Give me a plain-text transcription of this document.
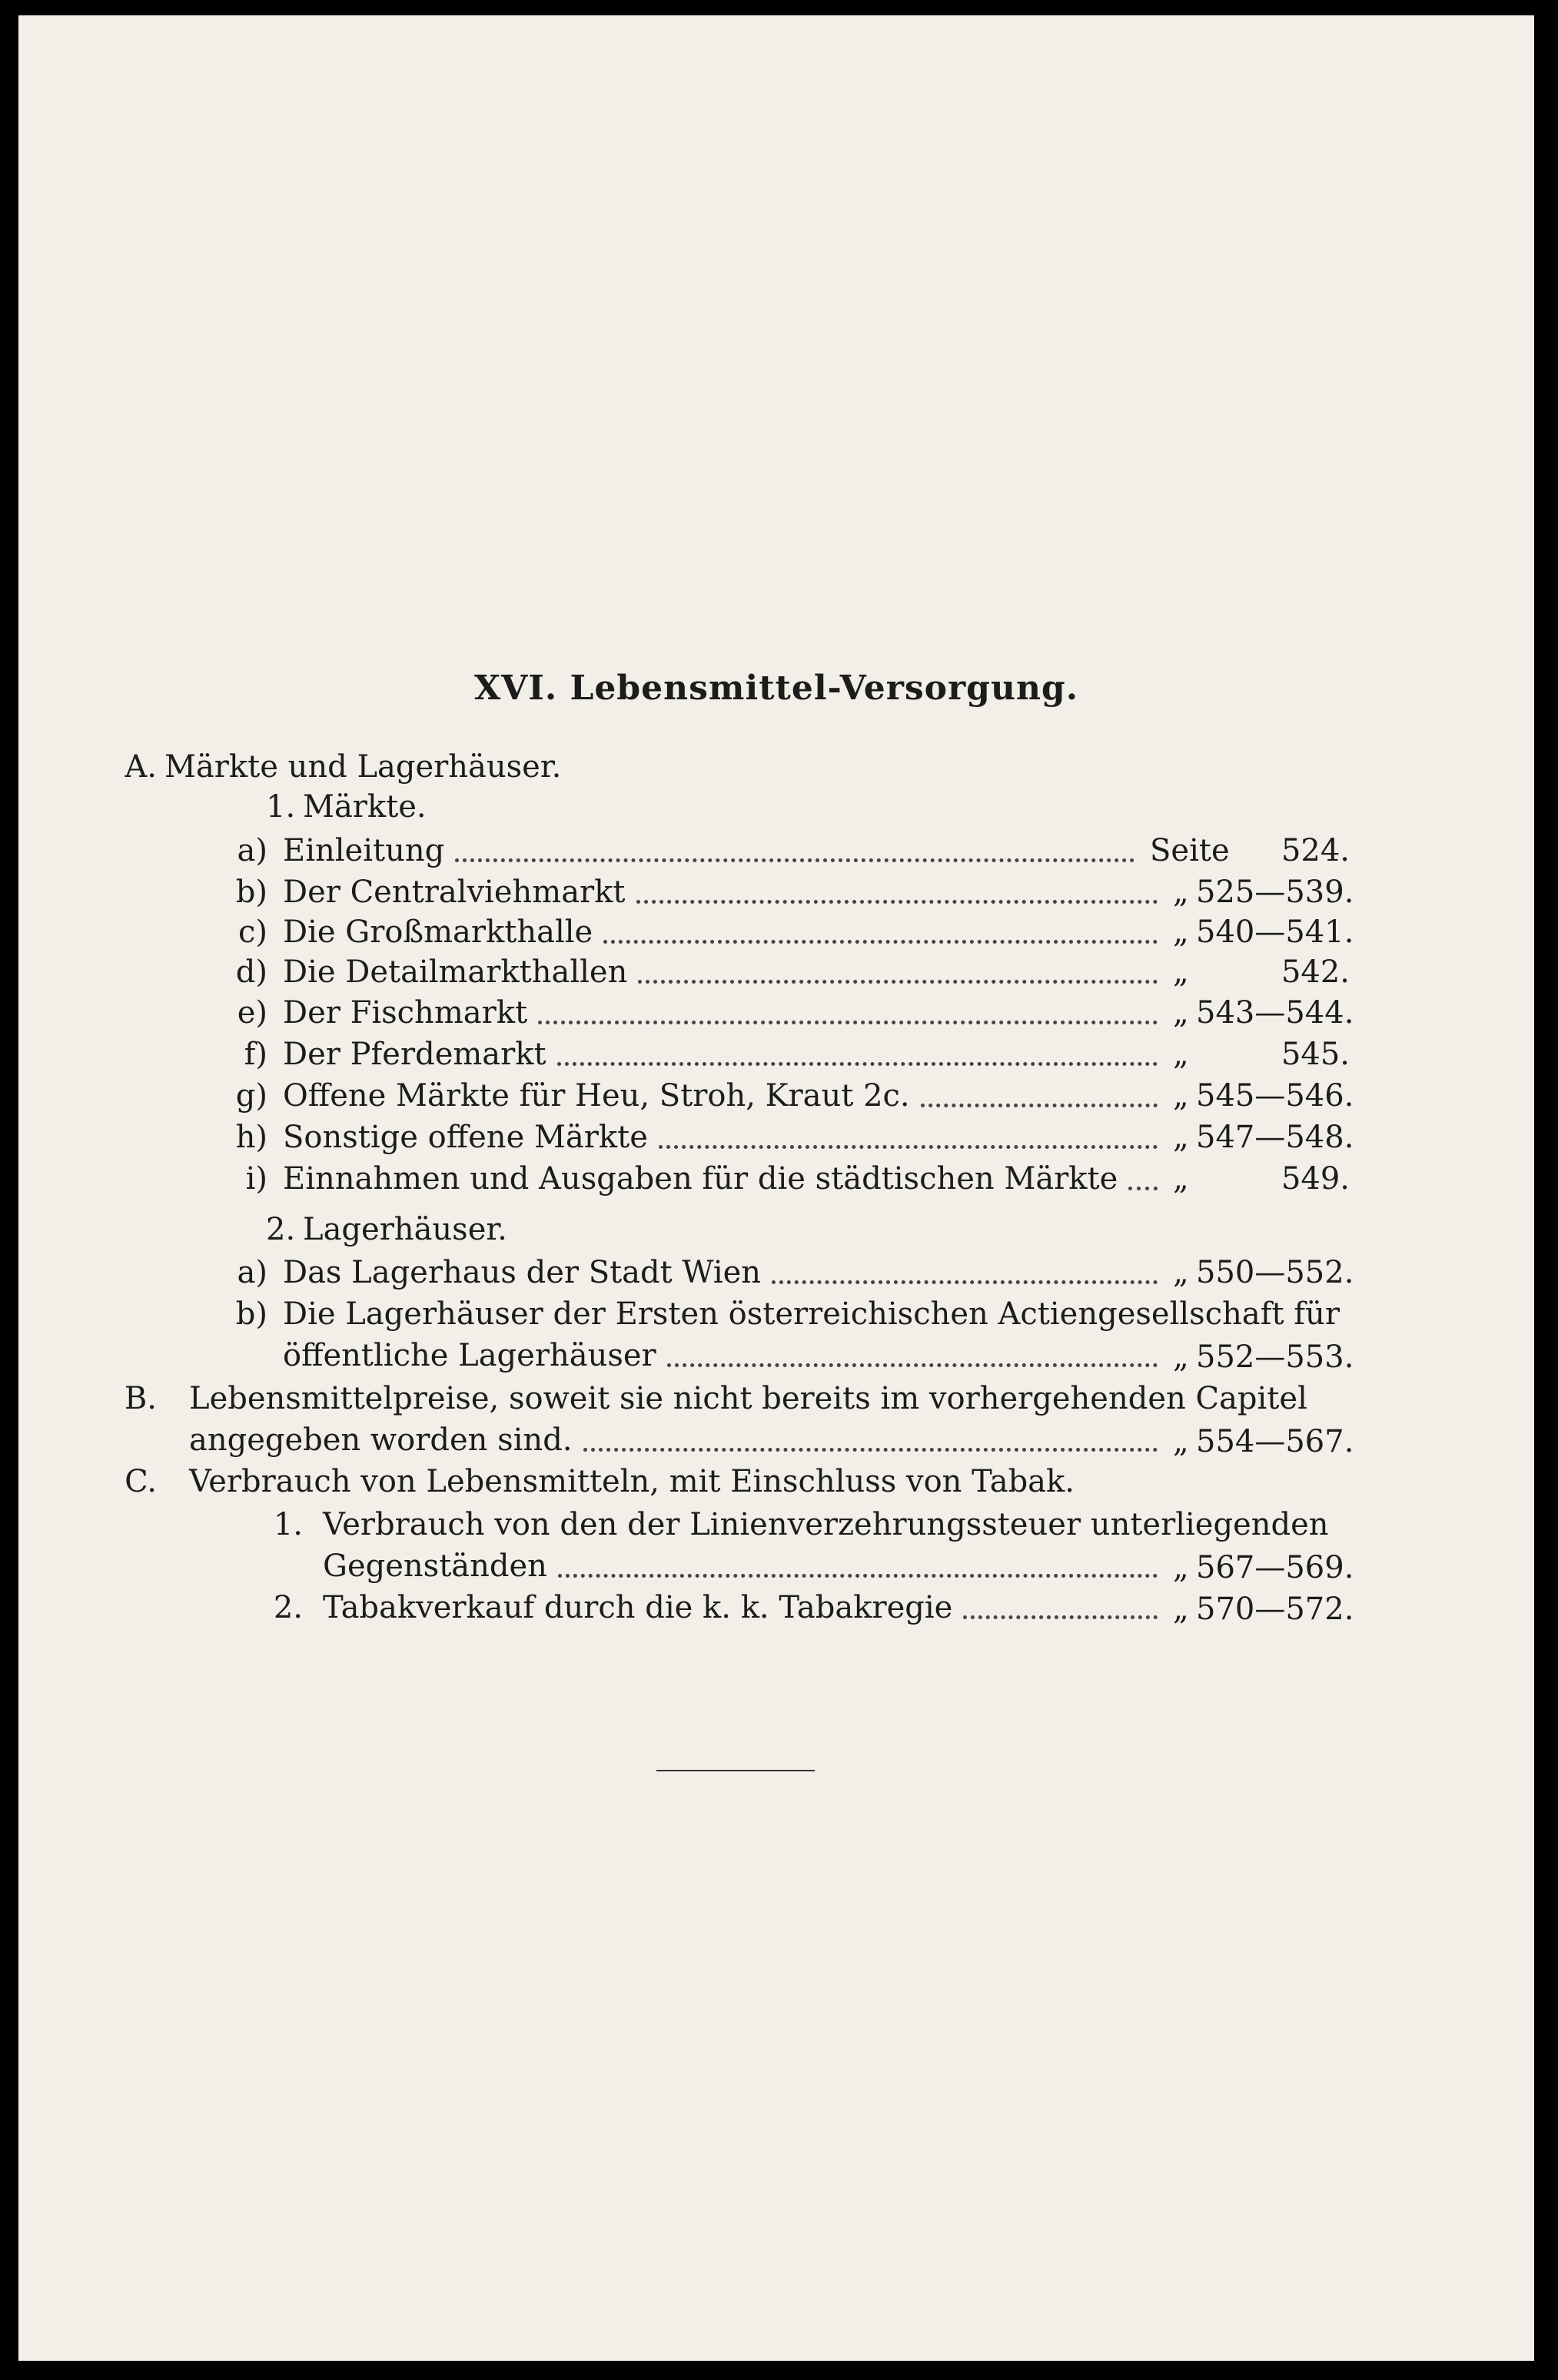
XVI. Lebensmittel-Versorgung.
A. Märkte und Lagerhäuser.
1. Märkte.
a) Einleitung	Seite	524.
b) Der Centralviehmarkt	„ 525—539.
c) Die Großmarkthalle	„ 540—541.
d) Die Detailmarkthallen	„	542.
e) Der Fischmarkt	„ 543—544.
f) Der Pferdemarkt	„	545.
g) Offene Märkte für Heu, Stroh, Kraut 2c.	„ 545—546.
h) Sonstige offene Märkte	„ 547—548.
i) Einnahmen und Ausgaben für die städtischen Märkte „	549.
2. Lagerhäuser.
a) Das Lagerhaus der Stadt Wien	„ 550—552.
b) Die Lagerhäuser der Ersten österreichischen Actiengesellschaft für
öffentliche Lagerhäuser	„ 552—553.
B. Lebensmittelpreise, soweit sie nicht bereits im vorhergehenden Capitel
angegeben worden sind.	„ 554—567.
C. Verbrauch von Lebensmitteln, mit Einschluss von Tabak.
1. Verbrauch von den der Linienverzehrungssteuer unterliegenden
Gegenständen	„ 567—569.
2. Tabakverkauf durch die k. k. Tabakregie	„ 570—572.
